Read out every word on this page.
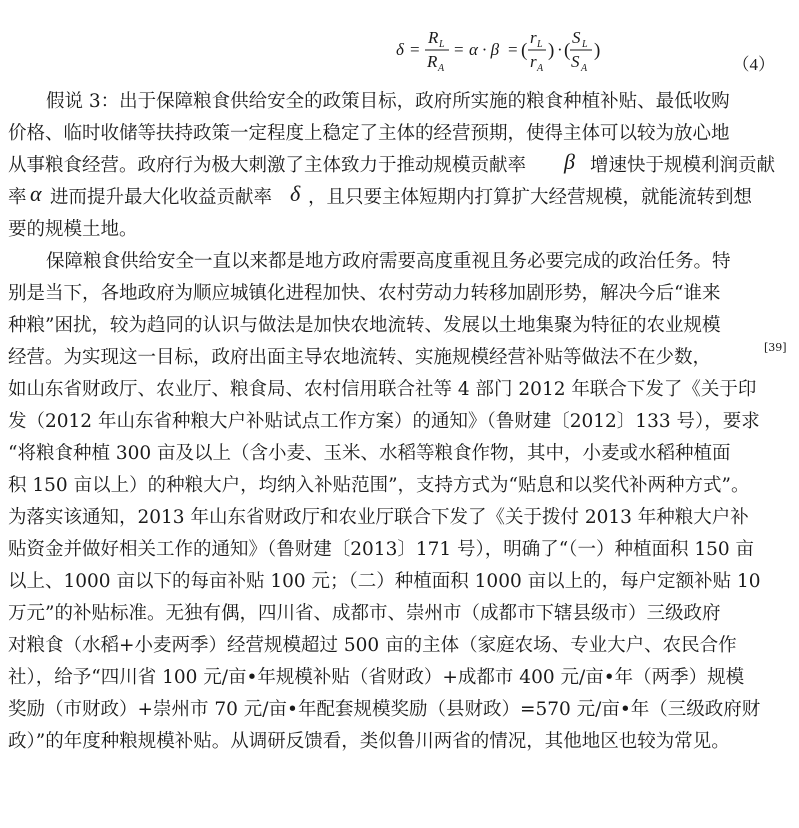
δ =
R L
R A
= α · β = (
r L
r A
) · (
S L
S A
)
（4）
假说 3：出于保障粮食供给安全的政策目标，政府所实施的粮食种植补贴、最低收购
价格、临时收储等扶持政策一定程度上稳定了主体的经营预期，使得主体可以较为放心地
从事粮食经营。政府行为极大刺激了主体致力于推动规模贡献率 β 增速快于规模利润贡献
率 α 进而提升最大化收益贡献率 δ ，且只要主体短期内打算扩大经营规模，就能流转到想
要的规模土地。
保障粮食供给安全一直以来都是地方政府需要高度重视且务必要完成的政治任务。特
别是当下，各地政府为顺应城镇化进程加快、农村劳动力转移加剧形势，解决今后“谁来
种粮”困扰，较为趋同的认识与做法是加快农地流转、发展以土地集聚为特征的农业规模
经营。为实现这一目标，政府出面主导农地流转、实施规模经营补贴等做法不在少数，	[39]
如山东省财政厅、农业厅、粮食局、农村信用联合社等 4 部门 2012 年联合下发了《关于印
发（2012 年山东省种粮大户补贴试点工作方案）的通知》（鲁财建〔2012〕133 号），要求
“将粮食种植 300 亩及以上（含小麦、玉米、水稻等粮食作物，其中，小麦或水稻种植面
积 150 亩以上）的种粮大户，均纳入补贴范围”，支持方式为“贴息和以奖代补两种方式”。
为落实该通知，2013 年山东省财政厅和农业厅联合下发了《关于拨付 2013 年种粮大户补
贴资金并做好相关工作的通知》（鲁财建〔2013〕171 号），明确了“（一）种植面积 150 亩
以上、1000 亩以下的每亩补贴 100 元；（二）种植面积 1000 亩以上的，每户定额补贴 10
万元”的补贴标准。无独有偶，四川省、成都市、崇州市（成都市下辖县级市）三级政府
对粮食（水稻+小麦两季）经营规模超过 500 亩的主体（家庭农场、专业大户、农民合作
社），给予“四川省 100 元/亩•年规模补贴（省财政）+成都市 400 元/亩•年（两季）规模
奖励（市财政）+崇州市 70 元/亩•年配套规模奖励（县财政）=570 元/亩•年（三级政府财
政）”的年度种粮规模补贴。从调研反馈看，类似鲁川两省的情况，其他地区也较为常见。
